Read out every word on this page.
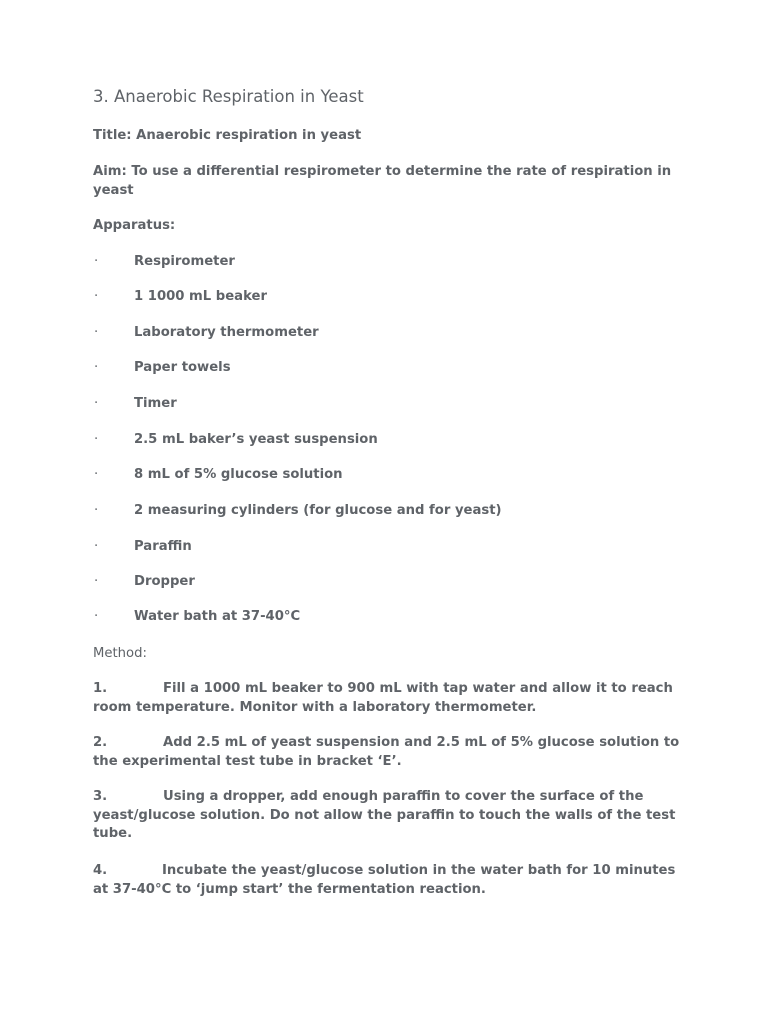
3. Anaerobic Respiration in Yeast

Title: Anaerobic respiration in yeast

Aim: To use a differential respirometer to determine the rate of respiration in yeast

Apparatus:

·	Respirometer
·	1 1000 mL beaker
·	Laboratory thermometer
·	Paper towels
·	Timer
·	2.5 mL baker’s yeast suspension
·	8 mL of 5% glucose solution
·	2 measuring cylinders (for glucose and for yeast)
·	Paraffin
·	Dropper
·	Water bath at 37-40°C

Method:

1.	Fill a 1000 mL beaker to 900 mL with tap water and allow it to reach room temperature. Monitor with a laboratory thermometer.

2.	Add 2.5 mL of yeast suspension and 2.5 mL of 5% glucose solution to the experimental test tube in bracket ‘E’.

3.	Using a dropper, add enough paraffin to cover the surface of the yeast/glucose solution. Do not allow the paraffin to touch the walls of the test tube.

4.	Incubate the yeast/glucose solution in the water bath for 10 minutes at 37-40°C to ‘jump start’ the fermentation reaction.
